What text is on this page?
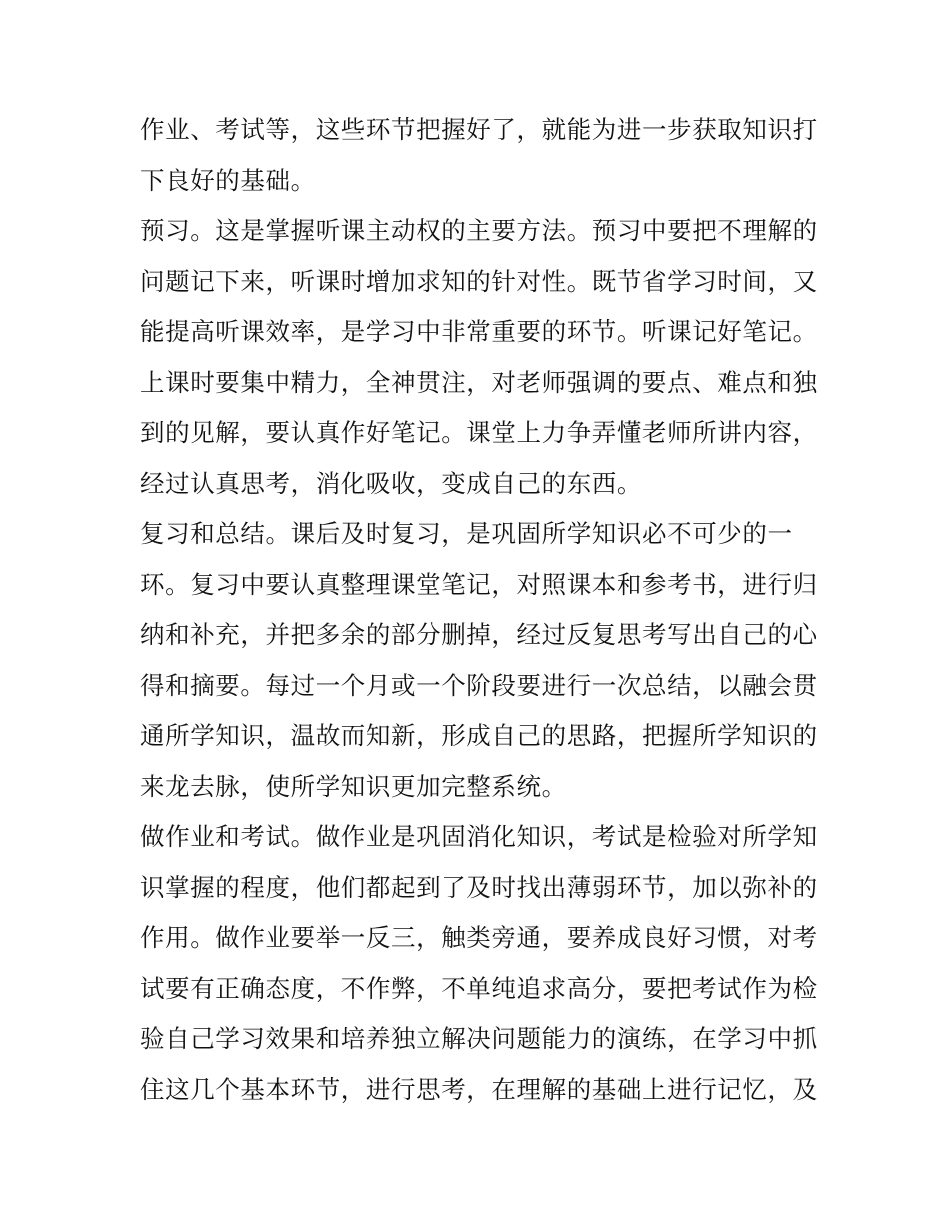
作业、考试等，这些环节把握好了，就能为进一步获取知识打
下良好的基础。
预习。这是掌握听课主动权的主要方法。预习中要把不理解的
问题记下来，听课时增加求知的针对性。既节省学习时间，又
能提高听课效率，是学习中非常重要的环节。听课记好笔记。
上课时要集中精力，全神贯注，对老师强调的要点、难点和独
到的见解，要认真作好笔记。课堂上力争弄懂老师所讲内容，
经过认真思考，消化吸收，变成自己的东西。
复习和总结。课后及时复习，是巩固所学知识必不可少的一
环。复习中要认真整理课堂笔记，对照课本和参考书，进行归
纳和补充，并把多余的部分删掉，经过反复思考写出自己的心
得和摘要。每过一个月或一个阶段要进行一次总结，以融会贯
通所学知识，温故而知新，形成自己的思路，把握所学知识的
来龙去脉，使所学知识更加完整系统。
做作业和考试。做作业是巩固消化知识，考试是检验对所学知
识掌握的程度，他们都起到了及时找出薄弱环节，加以弥补的
作用。做作业要举一反三，触类旁通，要养成良好习惯，对考
试要有正确态度，不作弊，不单纯追求高分，要把考试作为检
验自己学习效果和培养独立解决问题能力的演练，在学习中抓
住这几个基本环节，进行思考，在理解的基础上进行记忆，及
